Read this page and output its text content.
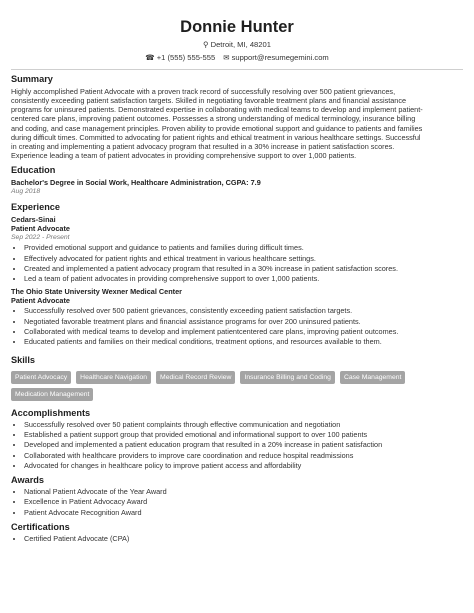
Donnie Hunter
⚲ Detroit, MI, 48201
☎ +1 (555) 555-555 ✉ support@resumegemini.com
Summary
Highly accomplished Patient Advocate with a proven track record of successfully resolving over 500 patient grievances,
consistently exceeding patient satisfaction targets. Skilled in negotiating favorable treatment plans and financial assistance
programs for uninsured patients. Demonstrated expertise in collaborating with medical teams to develop and implement patient-
centered care plans, improving patient outcomes. Possesses a strong understanding of medical terminology, insurance billing
and coding, and case management principles. Proven ability to provide emotional support and guidance to patients and families
during difficult times. Committed to advocating for patient rights and ethical treatment in various healthcare settings. Successful
in creating and implementing a patient advocacy program that resulted in a 30% increase in patient satisfaction scores.
Experience leading a team of patient advocates in providing comprehensive support to over 1,000 patients.
Education
Bachelor's Degree in Social Work, Healthcare Administration, CGPA: 7.9
Aug 2018
Experience
Cedars-Sinai
Patient Advocate
Sep 2022 - Present
• Provided emotional support and guidance to patients and families during difficult times.
• Effectively advocated for patient rights and ethical treatment in various healthcare settings.
• Created and implemented a patient advocacy program that resulted in a 30% increase in patient satisfaction scores.
• Led a team of patient advocates in providing comprehensive support to over 1,000 patients.
The Ohio State University Wexner Medical Center
Patient Advocate
• Successfully resolved over 500 patient grievances, consistently exceeding patient satisfaction targets.
• Negotiated favorable treatment plans and financial assistance programs for over 200 uninsured patients.
• Collaborated with medical teams to develop and implement patientcentered care plans, improving patient outcomes.
• Educated patients and families on their medical conditions, treatment options, and resources available to them.
Skills
Patient Advocacy	Healthcare Navigation	Medical Record Review	Insurance Billing and Coding	Case Management
Medication Management
Accomplishments
• Successfully resolved over 50 patient complaints through effective communication and negotiation
• Established a patient support group that provided emotional and informational support to over 100 patients
• Developed and implemented a patient education program that resulted in a 20% increase in patient satisfaction
• Collaborated with healthcare providers to improve care coordination and reduce hospital readmissions
• Advocated for changes in healthcare policy to improve patient access and affordability
Awards
• National Patient Advocate of the Year Award
• Excellence in Patient Advocacy Award
• Patient Advocate Recognition Award
Certifications
• Certified Patient Advocate (CPA)
